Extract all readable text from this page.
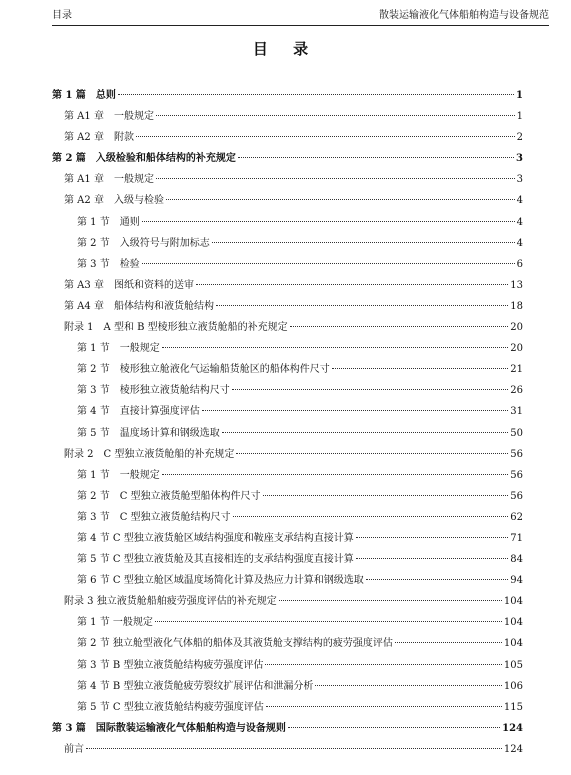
目录	散装运输液化气体船舶构造与设备规范
目 录
第 1 篇　总则	1
第 A1 章　一般规定	1
第 A2 章　附款	2
第 2 篇　入级检验和船体结构的补充规定	3
第 A1 章　一般规定	3
第 A2 章　入级与检验	4
第 1 节　通则	4
第 2 节　入级符号与附加标志	4
第 3 节　检验	6
第 A3 章　图纸和资料的送审	13
第 A4 章　船体结构和液货舱结构	18
附录 1　A 型和 B 型棱形独立液货舱船的补充规定	20
第 1 节　一般规定	20
第 2 节　棱形独立舱液化气运输船货舱区的船体构件尺寸	21
第 3 节　棱形独立液货舱结构尺寸	26
第 4 节　直接计算强度评估	31
第 5 节　温度场计算和钢级选取	50
附录 2　C 型独立液货舱船的补充规定	56
第 1 节　一般规定	56
第 2 节　C 型独立液货舱型船体构件尺寸	56
第 3 节　C 型独立液货舱结构尺寸	62
第 4 节 C 型独立液货舱区域结构强度和鞍座支承结构直接计算	71
第 5 节 C 型独立液货舱及其直接相连的支承结构强度直接计算	84
第 6 节 C 型独立舱区域温度场简化计算及热应力计算和钢级选取	94
附录 3 独立液货舱船舶疲劳强度评估的补充规定	104
第 1 节 一般规定	104
第 2 节 独立舱型液化气体船的船体及其液货舱支撑结构的疲劳强度评估	104
第 3 节 B 型独立液货舱结构疲劳强度评估	105
第 4 节 B 型独立液货舱疲劳裂纹扩展评估和泄漏分析	106
第 5 节 C 型独立液货舱结构疲劳强度评估	115
第 3 篇　国际散装运输液化气体船舶构造与设备规则	124
前言	124
